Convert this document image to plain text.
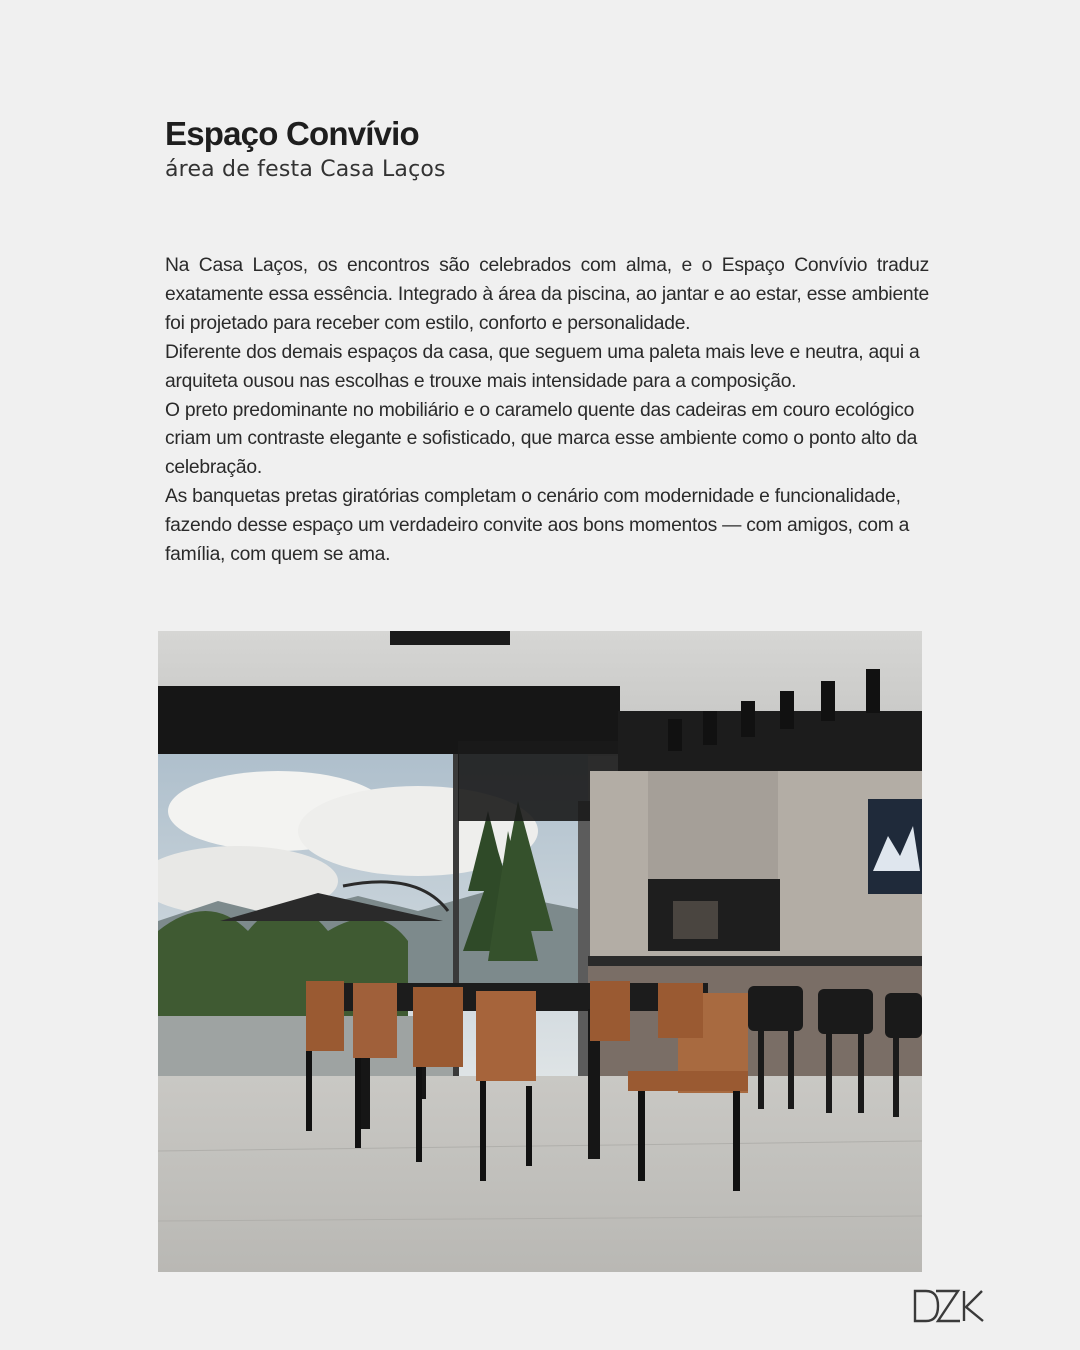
Espaço Convívio

área de festa Casa Laços

Na Casa Laços, os encontros são celebrados com alma, e o Espaço Convívio traduz exatamente essa essência. Integrado à área da piscina, ao jantar e ao estar, esse ambiente foi projetado para receber com estilo, conforto e personalidade.

Diferente dos demais espaços da casa, que seguem uma paleta mais leve e neutra, aqui a arquiteta ousou nas escolhas e trouxe mais intensidade para a composição.

O preto predominante no mobiliário e o caramelo quente das cadeiras em couro ecológico criam um contraste elegante e sofisticado, que marca esse ambiente como o ponto alto da celebração.

As banquetas pretas giratórias completam o cenário com modernidade e funcionalidade, fazendo desse espaço um verdadeiro convite aos bons momentos — com amigos, com a família, com quem se ama.
